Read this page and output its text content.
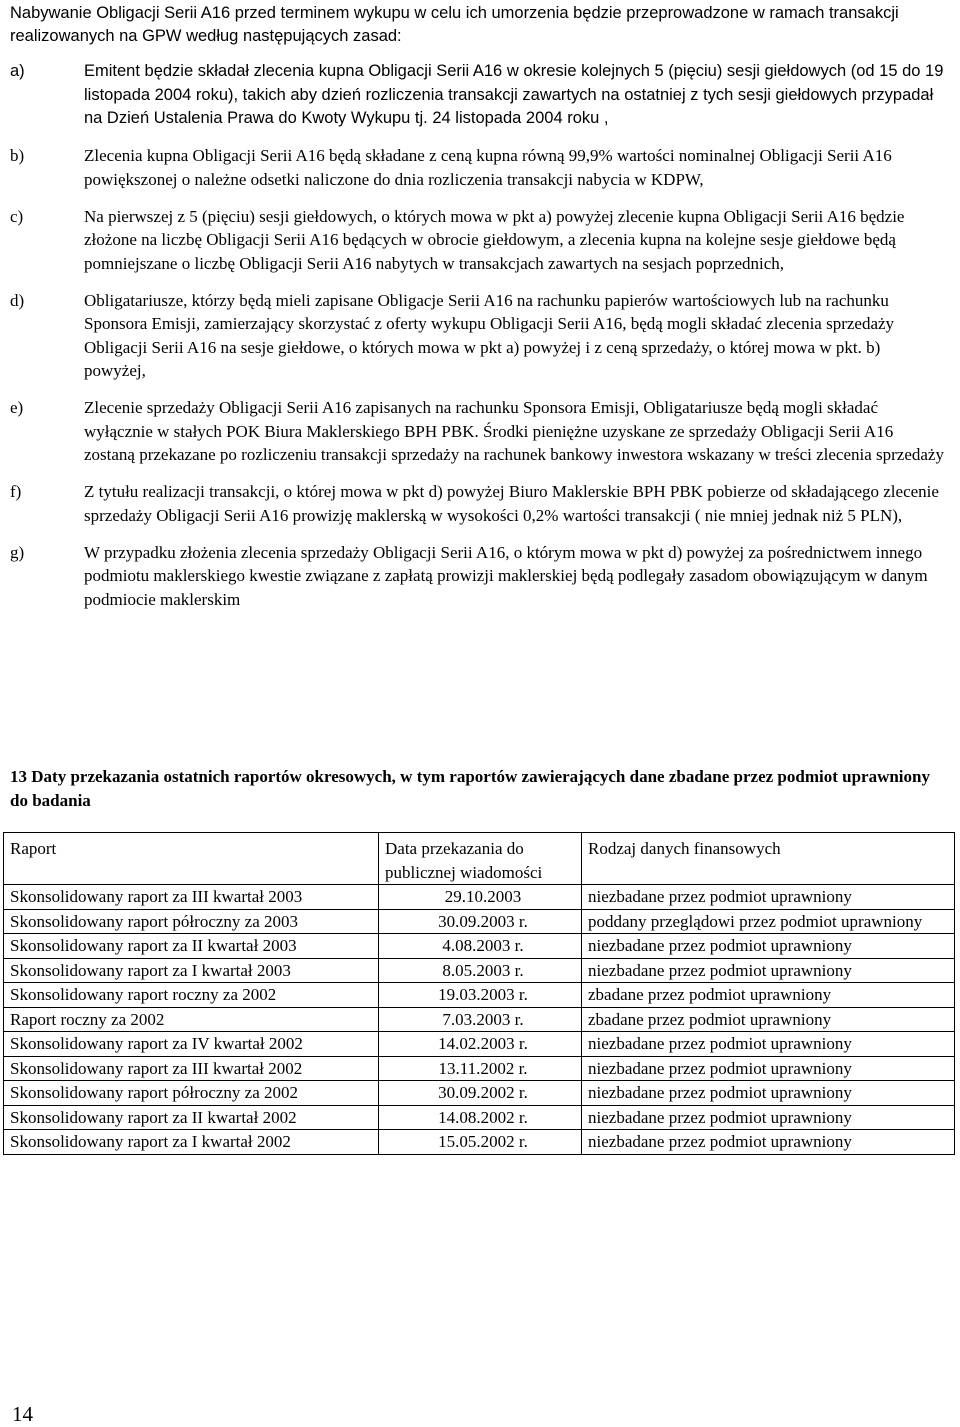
Nabywanie Obligacji Serii A16 przed terminem wykupu w celu ich umorzenia będzie przeprowadzone w ramach transakcji realizowanych na GPW według następujących zasad:
a)	Emitent będzie składał zlecenia kupna Obligacji Serii A16 w okresie kolejnych 5 (pięciu) sesji giełdowych (od 15 do 19 listopada 2004 roku), takich aby dzień rozliczenia transakcji zawartych na ostatniej z tych sesji giełdowych przypadał na Dzień Ustalenia Prawa do Kwoty Wykupu tj. 24 listopada 2004 roku ,
b)	Zlecenia kupna Obligacji Serii A16 będą składane z ceną kupna równą 99,9% wartości nominalnej Obligacji Serii A16 powiększonej o należne odsetki naliczone do dnia rozliczenia transakcji nabycia w KDPW,
c)	Na pierwszej z 5 (pięciu) sesji giełdowych, o których mowa w pkt a) powyżej zlecenie kupna Obligacji Serii A16 będzie złożone na liczbę Obligacji Serii A16 będących w obrocie giełdowym, a zlecenia kupna na kolejne sesje giełdowe będą pomniejszane o liczbę Obligacji Serii A16 nabytych w transakcjach zawartych na sesjach poprzednich,
d)	Obligatariusze, którzy będą mieli zapisane Obligacje Serii A16 na rachunku papierów wartościowych lub na rachunku Sponsora Emisji, zamierzający skorzystać z oferty wykupu Obligacji Serii A16, będą mogli składać zlecenia sprzedaży Obligacji Serii A16 na sesje giełdowe, o których mowa w pkt a) powyżej i z ceną sprzedaży, o której mowa w pkt. b) powyżej,
e)	Zlecenie sprzedaży Obligacji Serii A16 zapisanych na rachunku Sponsora Emisji, Obligatariusze będą mogli składać wyłącznie w stałych POK Biura Maklerskiego BPH PBK. Środki pieniężne uzyskane ze sprzedaży Obligacji Serii A16 zostaną przekazane po rozliczeniu transakcji sprzedaży na rachunek bankowy inwestora wskazany w treści zlecenia sprzedaży
f)	Z tytułu realizacji transakcji, o której mowa w pkt d) powyżej Biuro Maklerskie BPH PBK pobierze od składającego zlecenie sprzedaży Obligacji Serii A16 prowizję maklerską w wysokości 0,2% wartości transakcji ( nie mniej jednak niż 5 PLN),
g)	W przypadku złożenia zlecenia sprzedaży Obligacji Serii A16, o którym mowa w pkt d) powyżej za pośrednictwem innego podmiotu maklerskiego kwestie związane z zapłatą prowizji maklerskiej będą podlegały zasadom obowiązującym w danym podmiocie maklerskim
13 Daty przekazania ostatnich raportów okresowych, w tym raportów zawierających dane zbadane przez podmiot uprawniony do badania
Raport	Data przekazania do publicznej wiadomości	Rodzaj danych finansowych
Skonsolidowany raport za III kwartał 2003	29.10.2003	niezbadane przez podmiot uprawniony
Skonsolidowany raport półroczny za 2003	30.09.2003 r.	poddany przeglądowi przez podmiot uprawniony
Skonsolidowany raport za II kwartał 2003	4.08.2003 r.	niezbadane przez podmiot uprawniony
Skonsolidowany raport za I kwartał 2003	8.05.2003 r.	niezbadane przez podmiot uprawniony
Skonsolidowany raport roczny za 2002	19.03.2003 r.	zbadane przez podmiot uprawniony
Raport roczny za 2002	7.03.2003 r.	zbadane przez podmiot uprawniony
Skonsolidowany raport za IV kwartał 2002	14.02.2003 r.	niezbadane przez podmiot uprawniony
Skonsolidowany raport za III kwartał 2002	13.11.2002 r.	niezbadane przez podmiot uprawniony
Skonsolidowany raport półroczny za 2002	30.09.2002 r.	niezbadane przez podmiot uprawniony
Skonsolidowany raport za II kwartał 2002	14.08.2002 r.	niezbadane przez podmiot uprawniony
Skonsolidowany raport za I kwartał 2002	15.05.2002 r.	niezbadane przez podmiot uprawniony
14
